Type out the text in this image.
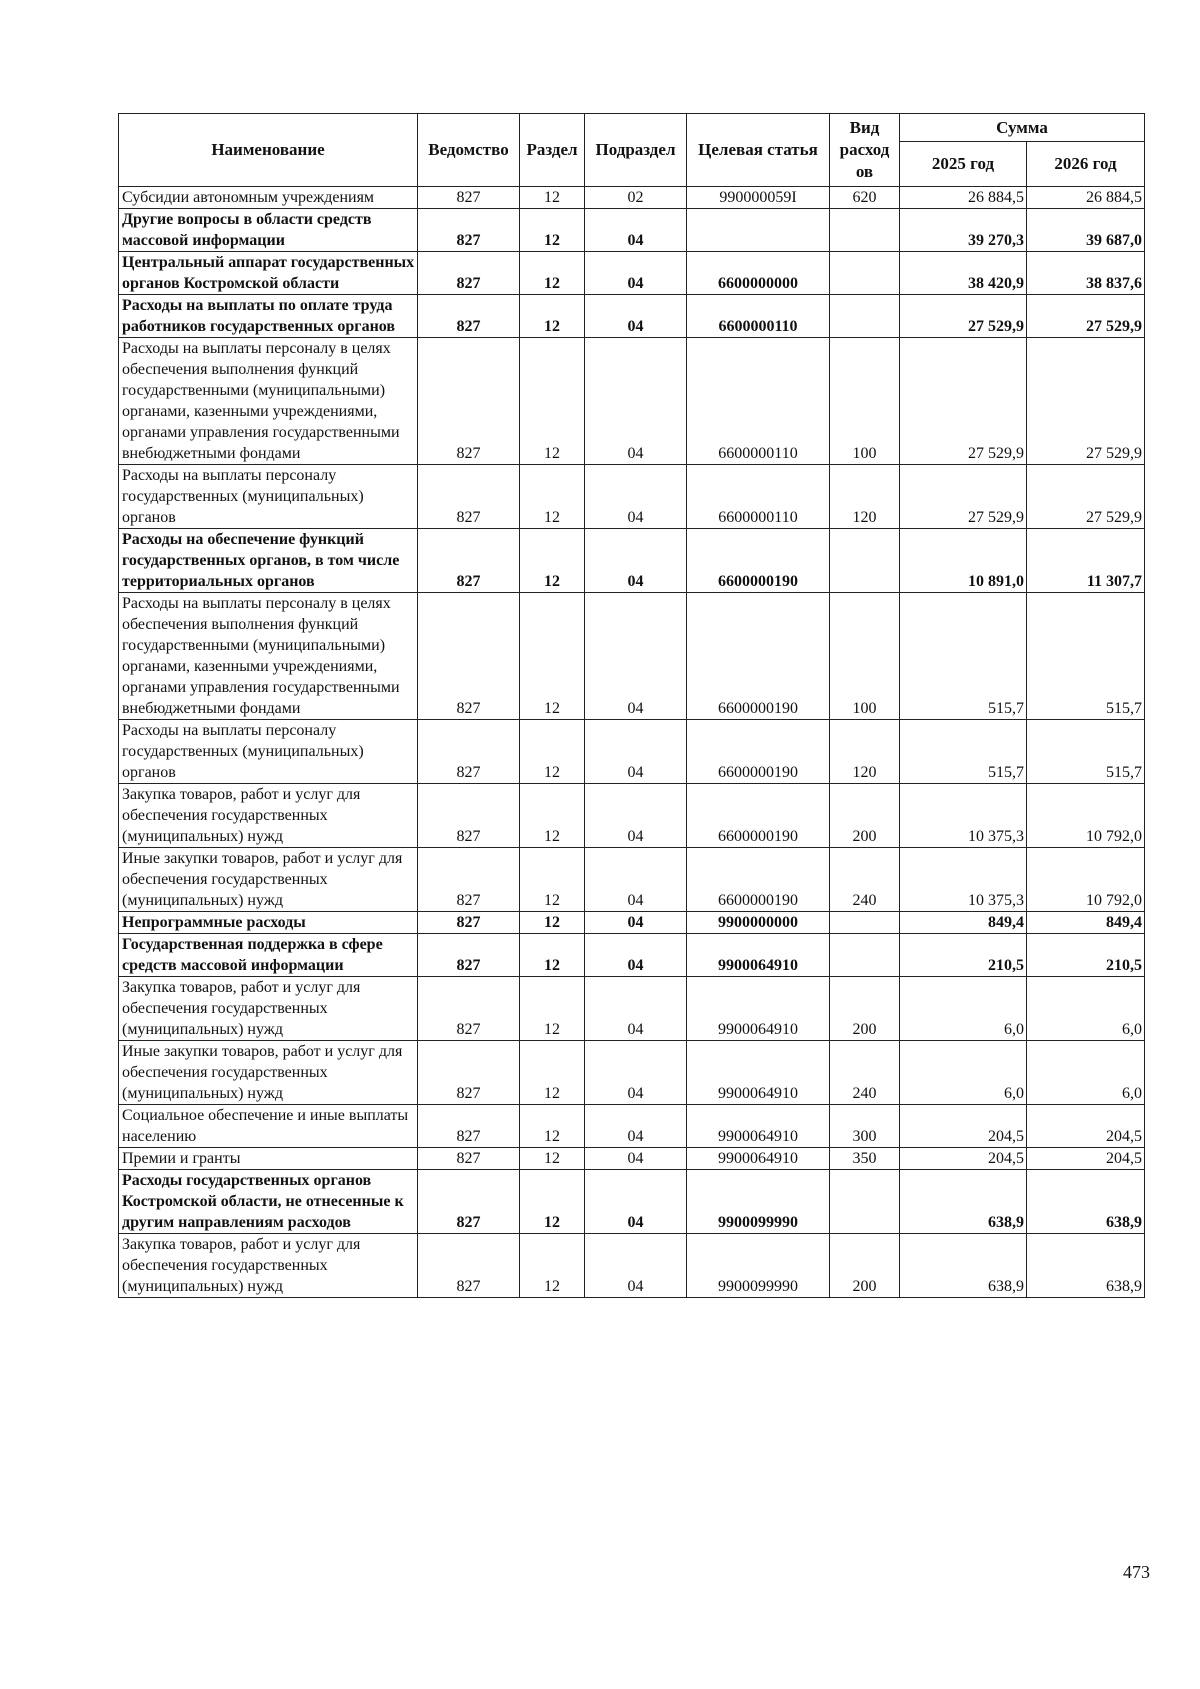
Наименование	Ведомство	Раздел	Подраздел	Целевая статья	Вид расход ов	Сумма	
						2025 год	2026 год
Субсидии автономным учреждениям	827	12	02	990000059I	620	26 884,5	26 884,5
Другие вопросы в области средств массовой информации	827	12	04			39 270,3	39 687,0
Центральный аппарат государственных органов Костромской области	827	12	04	6600000000		38 420,9	38 837,6
Расходы на выплаты по оплате труда работников государственных органов	827	12	04	6600000110		27 529,9	27 529,9
Расходы на выплаты персоналу в целях обеспечения выполнения функций государственными (муниципальными) органами, казенными учреждениями, органами управления государственными внебюджетными фондами	827	12	04	6600000110	100	27 529,9	27 529,9
Расходы на выплаты персоналу государственных (муниципальных) органов	827	12	04	6600000110	120	27 529,9	27 529,9
Расходы на обеспечение функций государственных органов, в том числе территориальных органов	827	12	04	6600000190		10 891,0	11 307,7
Расходы на выплаты персоналу в целях обеспечения выполнения функций государственными (муниципальными) органами, казенными учреждениями, органами управления государственными внебюджетными фондами	827	12	04	6600000190	100	515,7	515,7
Расходы на выплаты персоналу государственных (муниципальных) органов	827	12	04	6600000190	120	515,7	515,7
Закупка товаров, работ и услуг для обеспечения государственных (муниципальных) нужд	827	12	04	6600000190	200	10 375,3	10 792,0
Иные закупки товаров, работ и услуг для обеспечения государственных (муниципальных) нужд	827	12	04	6600000190	240	10 375,3	10 792,0
Непрограммные расходы	827	12	04	9900000000		849,4	849,4
Государственная поддержка в сфере средств массовой информации	827	12	04	9900064910		210,5	210,5
Закупка товаров, работ и услуг для обеспечения государственных (муниципальных) нужд	827	12	04	9900064910	200	6,0	6,0
Иные закупки товаров, работ и услуг для обеспечения государственных (муниципальных) нужд	827	12	04	9900064910	240	6,0	6,0
Социальное обеспечение и иные выплаты населению	827	12	04	9900064910	300	204,5	204,5
Премии и гранты	827	12	04	9900064910	350	204,5	204,5
Расходы государственных органов Костромской области, не отнесенные к другим направлениям расходов	827	12	04	9900099990		638,9	638,9
Закупка товаров, работ и услуг для обеспечения государственных (муниципальных) нужд	827	12	04	9900099990	200	638,9	638,9
473
